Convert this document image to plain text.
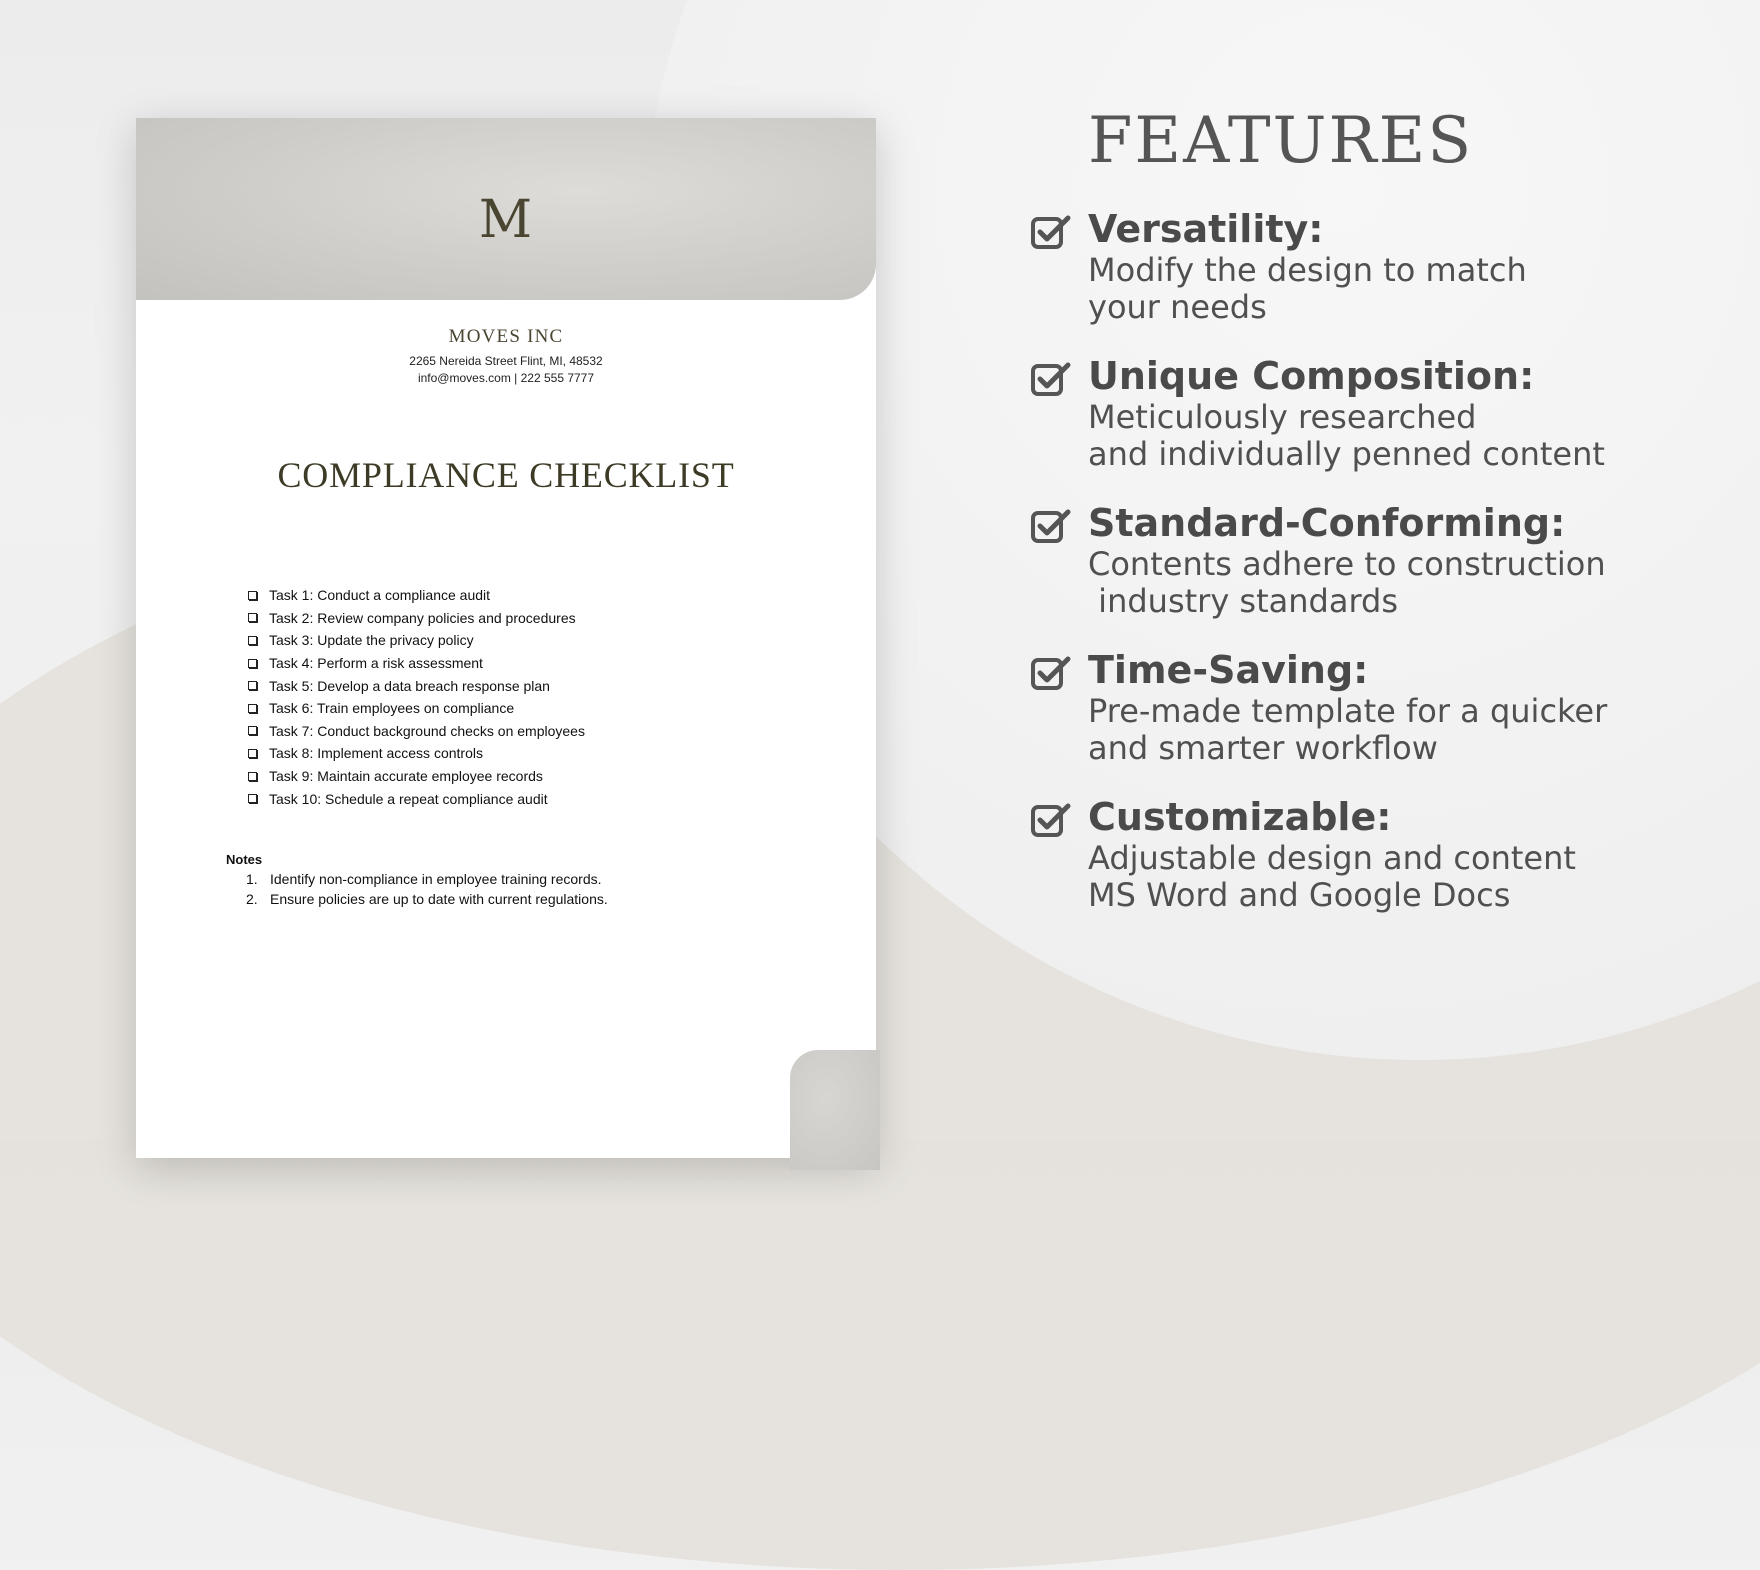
M
MOVES INC
2265 Nereida Street Flint, MI, 48532
info@moves.com | 222 555 7777
COMPLIANCE CHECKLIST
Task 1: Conduct a compliance audit
Task 2: Review company policies and procedures
Task 3: Update the privacy policy
Task 4: Perform a risk assessment
Task 5: Develop a data breach response plan
Task 6: Train employees on compliance
Task 7: Conduct background checks on employees
Task 8: Implement access controls
Task 9: Maintain accurate employee records
Task 10: Schedule a repeat compliance audit
Notes
1. Identify non-compliance in employee training records.
2. Ensure policies are up to date with current regulations.
FEATURES
Versatility:
Modify the design to match
your needs
Unique Composition:
Meticulously researched
and individually penned content
Standard-Conforming:
Contents adhere to construction
industry standards
Time-Saving:
Pre-made template for a quicker
and smarter workflow
Customizable:
Adjustable design and content
MS Word and Google Docs
